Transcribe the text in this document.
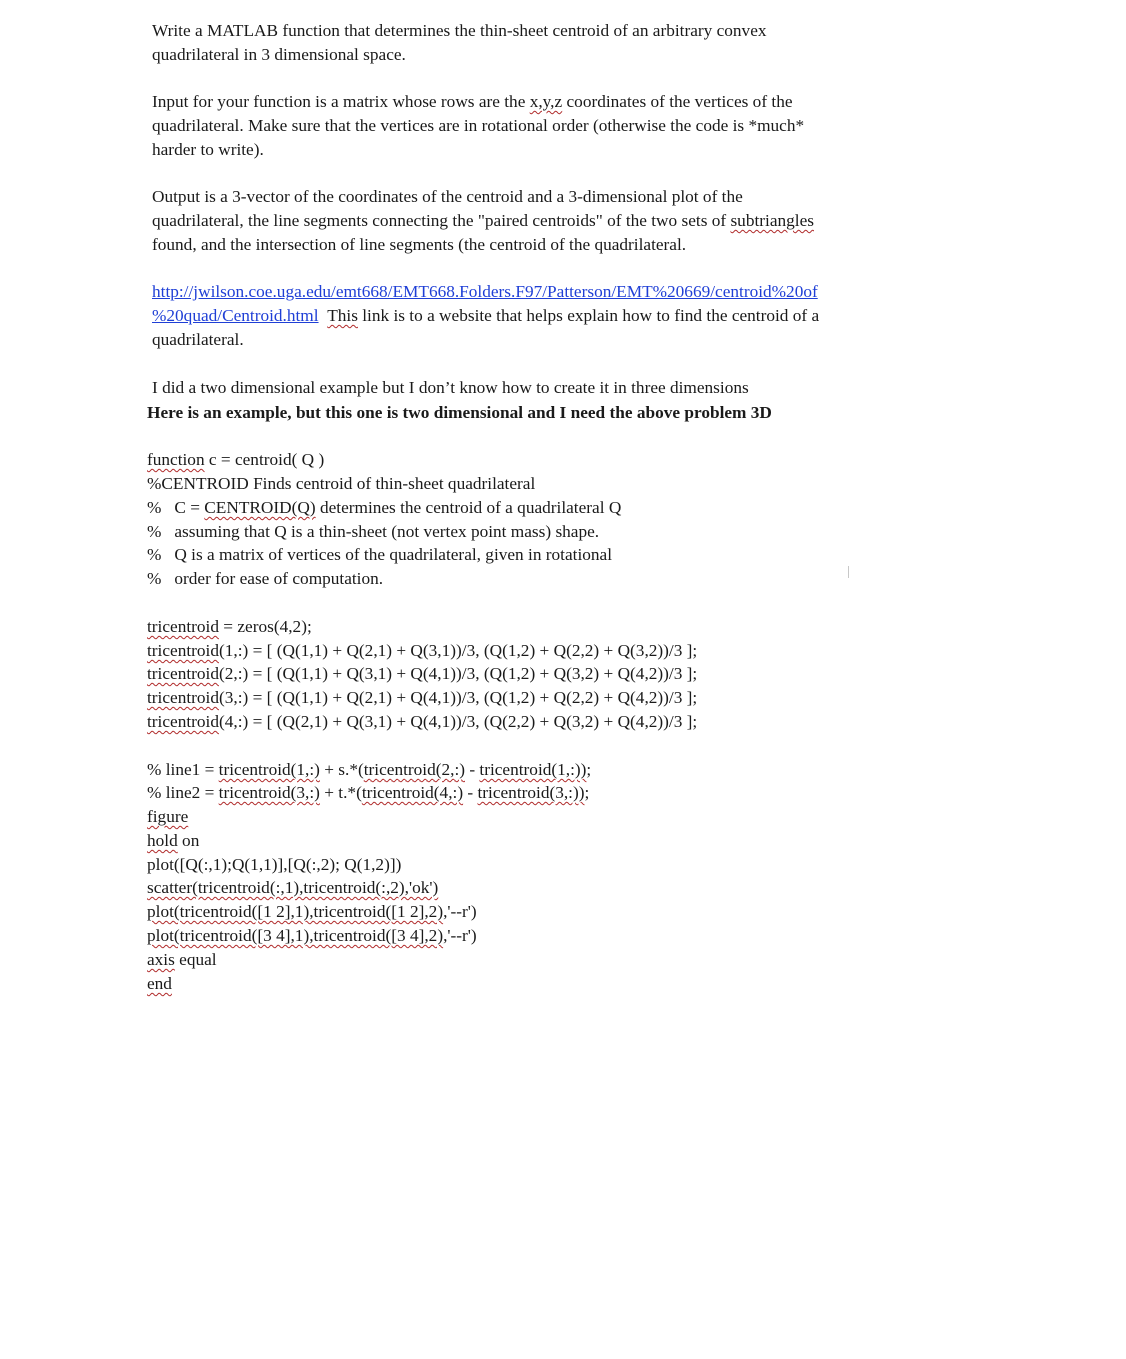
Write a MATLAB function that determines the thin-sheet centroid of an arbitrary convex
quadrilateral in 3 dimensional space.
Input for your function is a matrix whose rows are the x,y,z coordinates of the vertices of the
quadrilateral. Make sure that the vertices are in rotational order (otherwise the code is *much*
harder to write).
Output is a 3-vector of the coordinates of the centroid and a 3-dimensional plot of the
quadrilateral, the line segments connecting the "paired centroids" of the two sets of subtriangles
found, and the intersection of line segments (the centroid of the quadrilateral.
http://jwilson.coe.uga.edu/emt668/EMT668.Folders.F97/Patterson/EMT%20669/centroid%20of
%20quad/Centroid.html This link is to a website that helps explain how to find the centroid of a
quadrilateral.
I did a two dimensional example but I don’t know how to create it in three dimensions
Here is an example, but this one is two dimensional and I need the above problem 3D
function c = centroid( Q )
%CENTROID Finds centroid of thin-sheet quadrilateral
%   C = CENTROID(Q) determines the centroid of a quadrilateral Q
%   assuming that Q is a thin-sheet (not vertex point mass) shape.
%   Q is a matrix of vertices of the quadrilateral, given in rotational
%   order for ease of computation.
tricentroid = zeros(4,2);
tricentroid(1,:) = [ (Q(1,1) + Q(2,1) + Q(3,1))/3, (Q(1,2) + Q(2,2) + Q(3,2))/3 ];
tricentroid(2,:) = [ (Q(1,1) + Q(3,1) + Q(4,1))/3, (Q(1,2) + Q(3,2) + Q(4,2))/3 ];
tricentroid(3,:) = [ (Q(1,1) + Q(2,1) + Q(4,1))/3, (Q(1,2) + Q(2,2) + Q(4,2))/3 ];
tricentroid(4,:) = [ (Q(2,1) + Q(3,1) + Q(4,1))/3, (Q(2,2) + Q(3,2) + Q(4,2))/3 ];
% line1 = tricentroid(1,:) + s.*(tricentroid(2,:) - tricentroid(1,:));
% line2 = tricentroid(3,:) + t.*(tricentroid(4,:) - tricentroid(3,:));
figure
hold on
plot([Q(:,1);Q(1,1)],[Q(:,2); Q(1,2)])
scatter(tricentroid(:,1),tricentroid(:,2),'ok')
plot(tricentroid([1 2],1),tricentroid([1 2],2),'--r')
plot(tricentroid([3 4],1),tricentroid([3 4],2),'--r')
axis equal
end
